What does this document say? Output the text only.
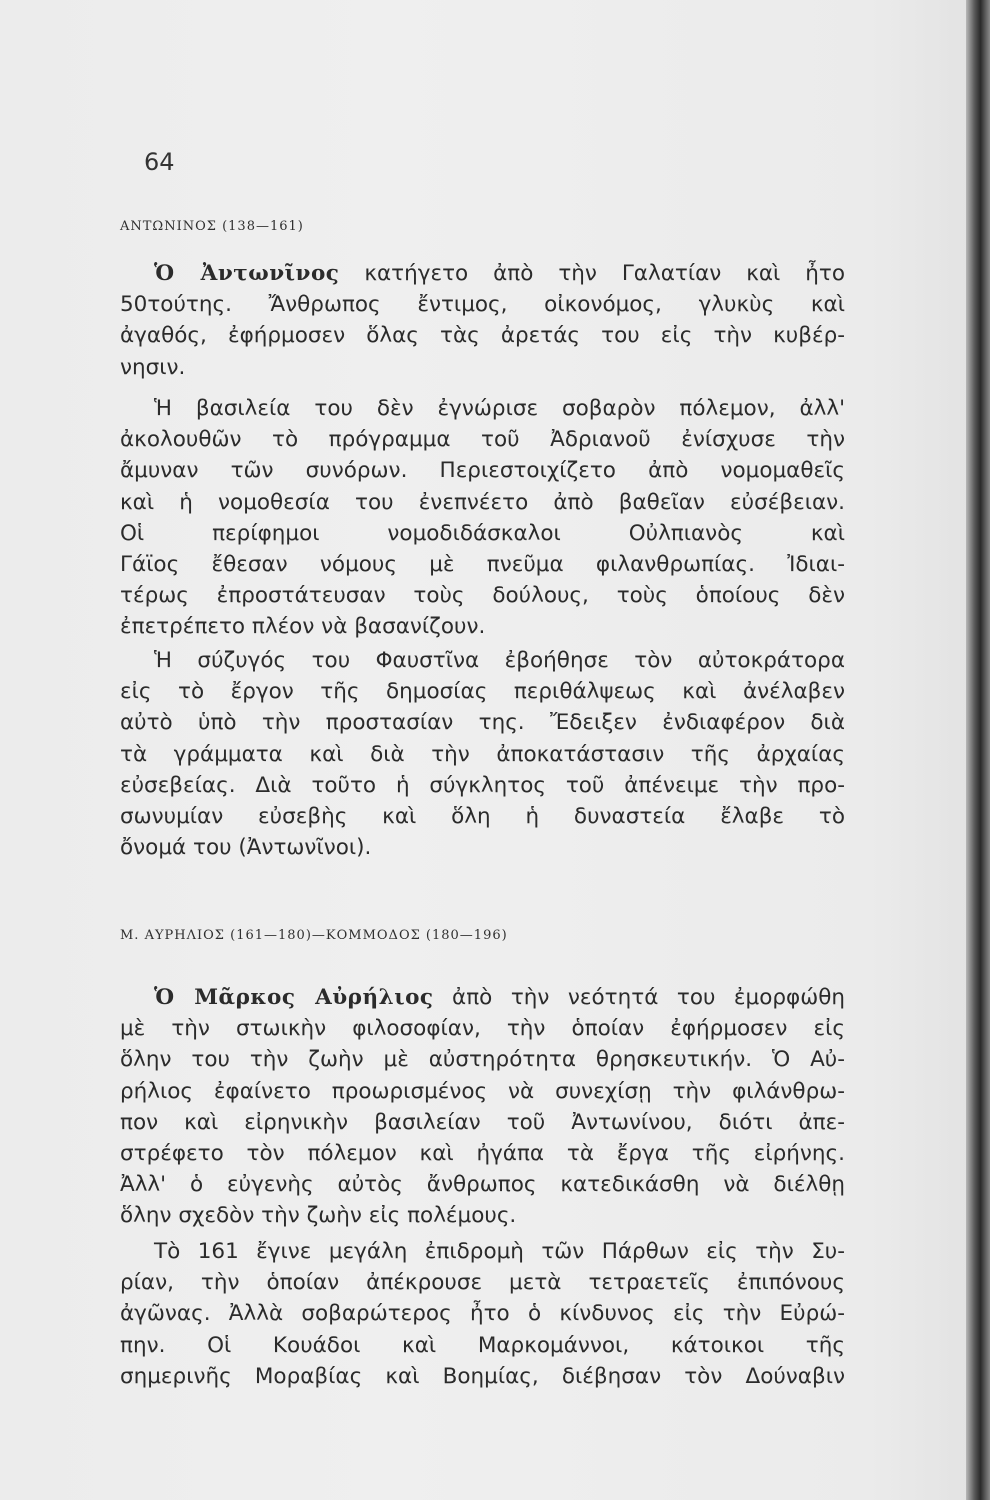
64
ΑΝΤΩΝΙΝΟΣ (138—161)
Ὁ Ἀντωνῖνος κατήγετο ἀπὸ τὴν Γαλατίαν καὶ ἦτο
50τούτης. Ἄνθρωπος ἔντιμος, οἰκονόμος, γλυκὺς καὶ
ἀγαθός, ἐφήρμοσεν ὅλας τὰς ἀρετάς του εἰς τὴν κυβέρ-
νησιν.
Ἡ βασιλεία του δὲν ἐγνώρισε σοβαρὸν πόλεμον, ἀλλ'
ἀκολουθῶν τὸ πρόγραμμα τοῦ Ἀδριανοῦ ἐνίσχυσε τὴν
ἄμυναν τῶν συνόρων. Περιεστοιχίζετο ἀπὸ νομομαθεῖς
καὶ ἡ νομοθεσία του ἐνεπνέετο ἀπὸ βαθεῖαν εὐσέβειαν.
Οἱ περίφημοι νομοδιδάσκαλοι Οὐλπιανὸς καὶ
Γάϊος ἔθεσαν νόμους μὲ πνεῦμα φιλανθρωπίας. Ἰδιαι-
τέρως ἐπροστάτευσαν τοὺς δούλους, τοὺς ὁποίους δὲν
ἐπετρέπετο πλέον νὰ βασανίζουν.
Ἡ σύζυγός του Φαυστῖνα ἐβοήθησε τὸν αὐτοκράτορα
εἰς τὸ ἔργον τῆς δημοσίας περιθάλψεως καὶ ἀνέλαβεν
αὐτὸ ὑπὸ τὴν προστασίαν της. Ἔδειξεν ἐνδιαφέρον διὰ
τὰ γράμματα καὶ διὰ τὴν ἀποκατάστασιν τῆς ἀρχαίας
εὐσεβείας. Διὰ τοῦτο ἡ σύγκλητος τοῦ ἀπένειμε τὴν προ-
σωνυμίαν εὐσεβὴς καὶ ὅλη ἡ δυναστεία ἔλαβε τὸ
ὄνομά του (Ἀντωνῖνοι).
Μ. ΑΥΡΗΛΙΟΣ (161—180)—ΚΟΜΜΟΔΟΣ (180—196)
Ὁ Μᾶρκος Αὐρήλιος ἀπὸ τὴν νεότητά του ἐμορφώθη
μὲ τὴν στωικὴν φιλοσοφίαν, τὴν ὁποίαν ἐφήρμοσεν εἰς
ὅλην του τὴν ζωὴν μὲ αὐστηρότητα θρησκευτικήν. Ὁ Αὐ-
ρήλιος ἐφαίνετο προωρισμένος νὰ συνεχίσῃ τὴν φιλάνθρω-
πον καὶ εἰρηνικὴν βασιλείαν τοῦ Ἀντωνίνου, διότι ἀπε-
στρέφετο τὸν πόλεμον καὶ ἠγάπα τὰ ἔργα τῆς εἰρήνης.
Ἀλλ' ὁ εὐγενὴς αὐτὸς ἄνθρωπος κατεδικάσθη νὰ διέλθῃ
ὅλην σχεδὸν τὴν ζωὴν εἰς πολέμους.
Τὸ 161 ἔγινε μεγάλη ἐπιδρομὴ τῶν Πάρθων εἰς τὴν Συ-
ρίαν, τὴν ὁποίαν ἀπέκρουσε μετὰ τετραετεῖς ἐπιπόνους
ἀγῶνας. Ἀλλὰ σοβαρώτερος ἦτο ὁ κίνδυνος εἰς τὴν Εὐρώ-
πην. Οἱ Κουάδοι καὶ Μαρκομάννοι, κάτοικοι τῆς
σημερινῆς Μοραβίας καὶ Βοημίας, διέβησαν τὸν Δούναβιν
